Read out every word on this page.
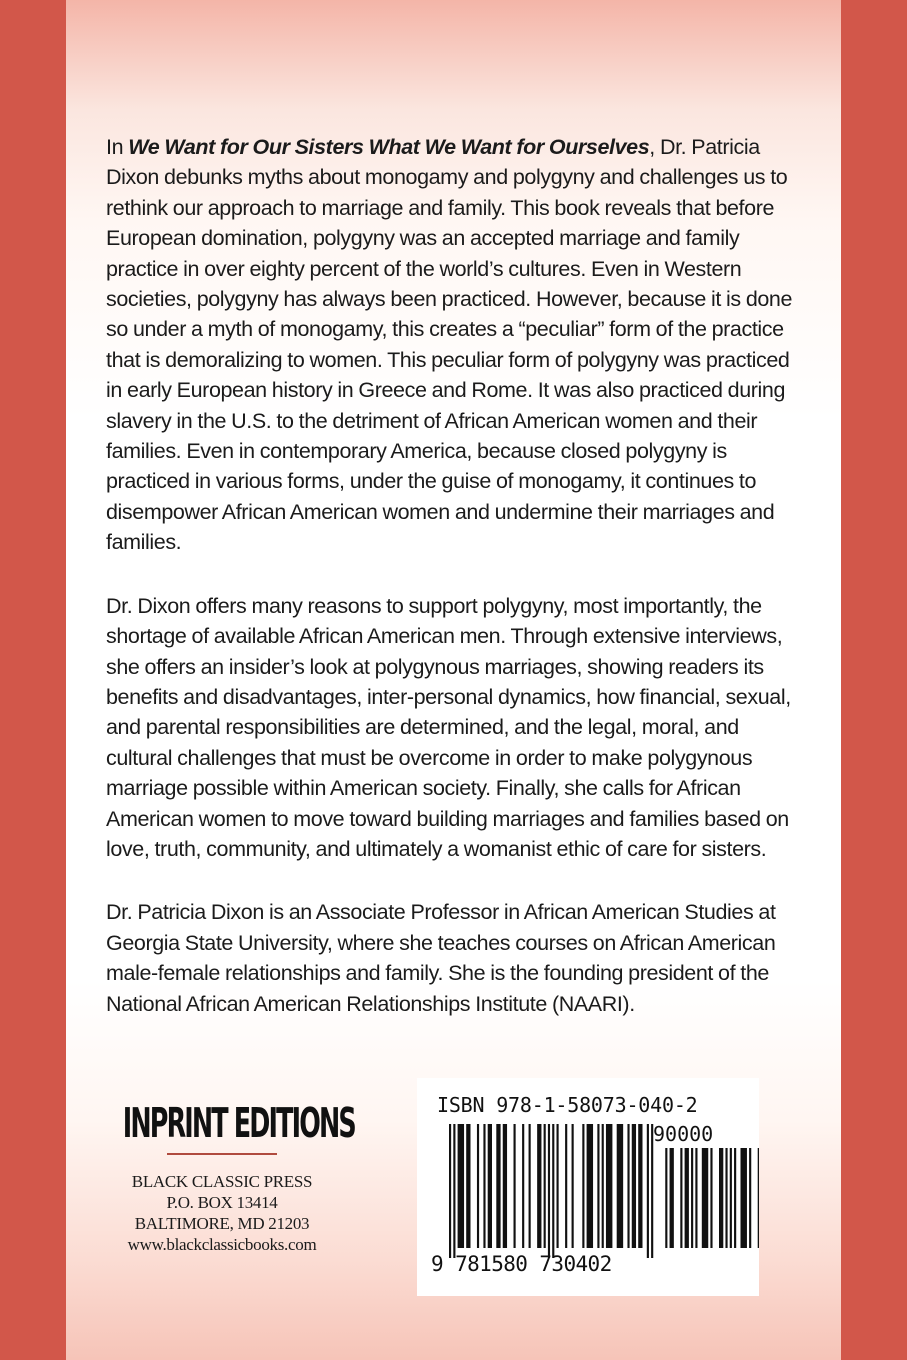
In We Want for Our Sisters What We Want for Ourselves, Dr. Patricia Dixon debunks myths about monogamy and polygyny and challenges us to rethink our approach to marriage and family. This book reveals that before European domination, polygyny was an accepted marriage and family practice in over eighty percent of the world’s cultures. Even in Western societies, polygyny has always been practiced. However, because it is done so under a myth of monogamy, this creates a “peculiar” form of the practice that is demoralizing to women. This peculiar form of polygyny was practiced in early European history in Greece and Rome. It was also practiced during slavery in the U.S. to the detriment of African American women and their families. Even in contemporary America, because closed polygyny is practiced in various forms, under the guise of monogamy, it continues to disempower African American women and undermine their marriages and families.

Dr. Dixon offers many reasons to support polygyny, most importantly, the shortage of available African American men. Through extensive interviews, she offers an insider’s look at polygynous marriages, showing readers its benefits and disadvantages, inter-personal dynamics, how financial, sexual, and parental responsibilities are determined, and the legal, moral, and cultural challenges that must be overcome in order to make polygynous marriage possible within American society. Finally, she calls for African American women to move toward building marriages and families based on love, truth, community, and ultimately a womanist ethic of care for sisters.

Dr. Patricia Dixon is an Associate Professor in African American Studies at Georgia State University, where she teaches courses on African American male-female relationships and family. She is the founding president of the National African American Relationships Institute (NAARI).

INPRINT EDITIONS
BLACK CLASSIC PRESS
P.O. BOX 13414
BALTIMORE, MD 21203
www.blackclassicbooks.com
ISBN 978-1-58073-040-2
90000
9 781580 730402
